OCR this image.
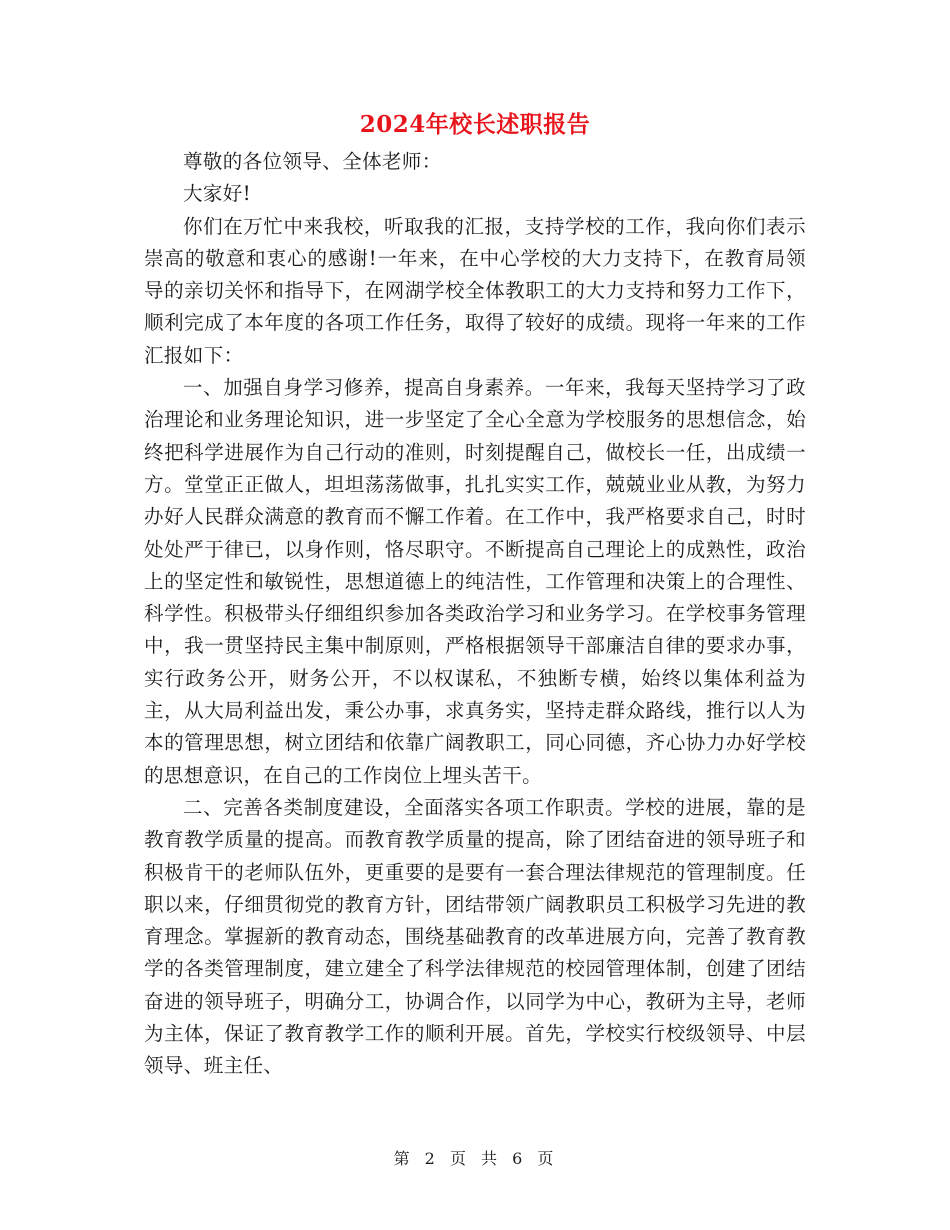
2024年校长述职报告

尊敬的各位领导、全体老师：

大家好!

你们在万忙中来我校，听取我的汇报，支持学校的工作，我向你们表示崇高的敬意和衷心的感谢!一年来，在中心学校的大力支持下，在教育局领导的亲切关怀和指导下，在网湖学校全体教职工的大力支持和努力工作下，顺利完成了本年度的各项工作任务，取得了较好的成绩。现将一年来的工作汇报如下：

一、加强自身学习修养，提高自身素养。一年来，我每天坚持学习了政治理论和业务理论知识，进一步坚定了全心全意为学校服务的思想信念，始终把科学进展作为自己行动的准则，时刻提醒自己，做校长一任，出成绩一方。堂堂正正做人，坦坦荡荡做事，扎扎实实工作，兢兢业业从教，为努力办好人民群众满意的教育而不懈工作着。在工作中，我严格要求自己，时时处处严于律已，以身作则，恪尽职守。不断提高自己理论上的成熟性，政治上的坚定性和敏锐性，思想道德上的纯洁性，工作管理和决策上的合理性、科学性。积极带头仔细组织参加各类政治学习和业务学习。在学校事务管理中，我一贯坚持民主集中制原则，严格根据领导干部廉洁自律的要求办事，实行政务公开，财务公开，不以权谋私，不独断专横，始终以集体利益为主，从大局利益出发，秉公办事，求真务实，坚持走群众路线，推行以人为本的管理思想，树立团结和依靠广阔教职工，同心同德，齐心协力办好学校的思想意识，在自己的工作岗位上埋头苦干。

二、完善各类制度建设，全面落实各项工作职责。学校的进展，靠的是教育教学质量的提高。而教育教学质量的提高，除了团结奋进的领导班子和积极肯干的老师队伍外，更重要的是要有一套合理法律规范的管理制度。任职以来，仔细贯彻党的教育方针，团结带领广阔教职员工积极学习先进的教育理念。掌握新的教育动态，围绕基础教育的改革进展方向，完善了教育教学的各类管理制度，建立建全了科学法律规范的校园管理体制，创建了团结奋进的领导班子，明确分工，协调合作，以同学为中心，教研为主导，老师为主体，保证了教育教学工作的顺利开展。首先，学校实行校级领导、中层领导、班主任、

第 2 页 共 6 页
